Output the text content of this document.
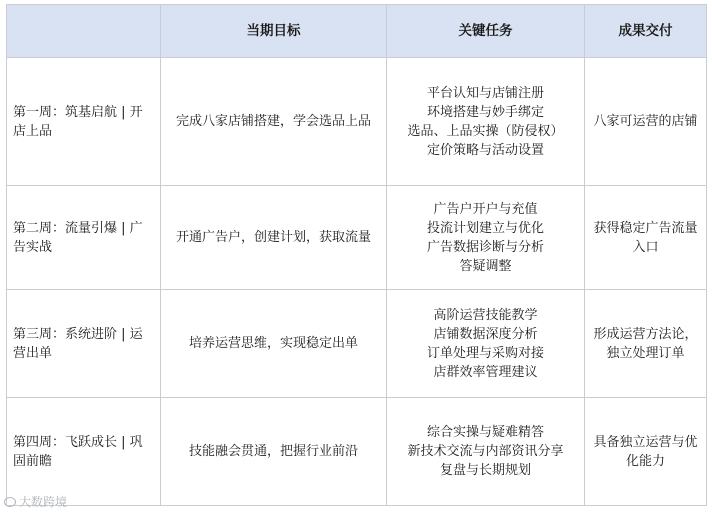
	当期目标	关键任务	成果交付
第一周：筑基启航 | 开店上品	完成八家店铺搭建，学会选品上品	平台认知与店铺注册
环境搭建与妙手绑定
选品、上品实操（防侵权）
定价策略与活动设置	八家可运营的店铺
第二周：流量引爆 | 广告实战	开通广告户，创建计划，获取流量	广告户开户与充值
投流计划建立与优化
广告数据诊断与分析
答疑调整	获得稳定广告流量入口
第三周：系统进阶 | 运营出单	培养运营思维，实现稳定出单	高阶运营技能教学
店铺数据深度分析
订单处理与采购对接
店群效率管理建议	形成运营方法论，独立处理订单
第四周：飞跃成长 | 巩固前瞻	技能融会贯通，把握行业前沿	综合实操与疑难精答
新技术交流与内部资讯分享
复盘与长期规划	具备独立运营与优化能力
大数跨境
